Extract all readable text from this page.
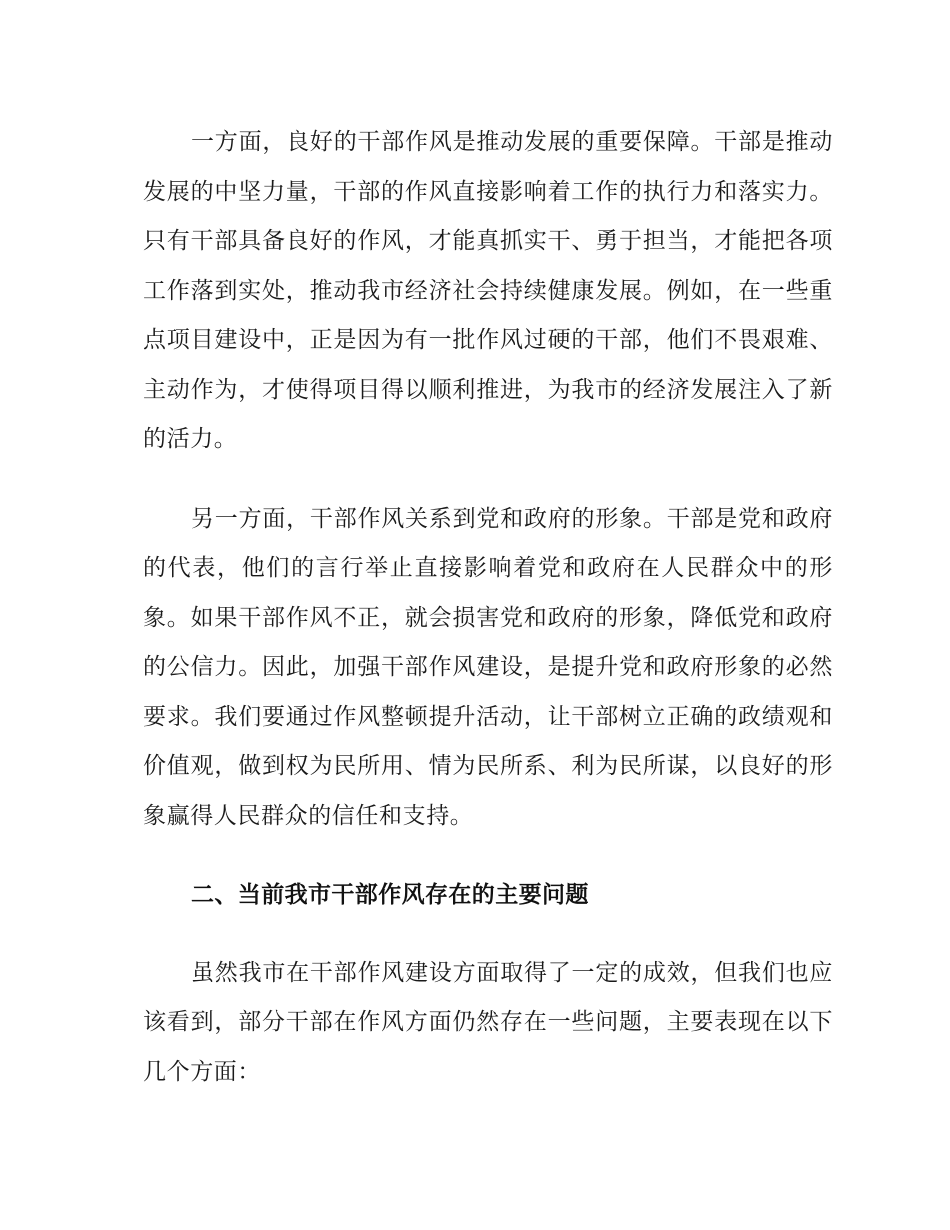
一方面，良好的干部作风是推动发展的重要保障。干部是推动发展的中坚力量，干部的作风直接影响着工作的执行力和落实力。只有干部具备良好的作风，才能真抓实干、勇于担当，才能把各项工作落到实处，推动我市经济社会持续健康发展。例如，在一些重点项目建设中，正是因为有一批作风过硬的干部，他们不畏艰难、主动作为，才使得项目得以顺利推进，为我市的经济发展注入了新的活力。

另一方面，干部作风关系到党和政府的形象。干部是党和政府的代表，他们的言行举止直接影响着党和政府在人民群众中的形象。如果干部作风不正，就会损害党和政府的形象，降低党和政府的公信力。因此，加强干部作风建设，是提升党和政府形象的必然要求。我们要通过作风整顿提升活动，让干部树立正确的政绩观和价值观，做到权为民所用、情为民所系、利为民所谋，以良好的形象赢得人民群众的信任和支持。

二、当前我市干部作风存在的主要问题

虽然我市在干部作风建设方面取得了一定的成效，但我们也应该看到，部分干部在作风方面仍然存在一些问题，主要表现在以下几个方面：
